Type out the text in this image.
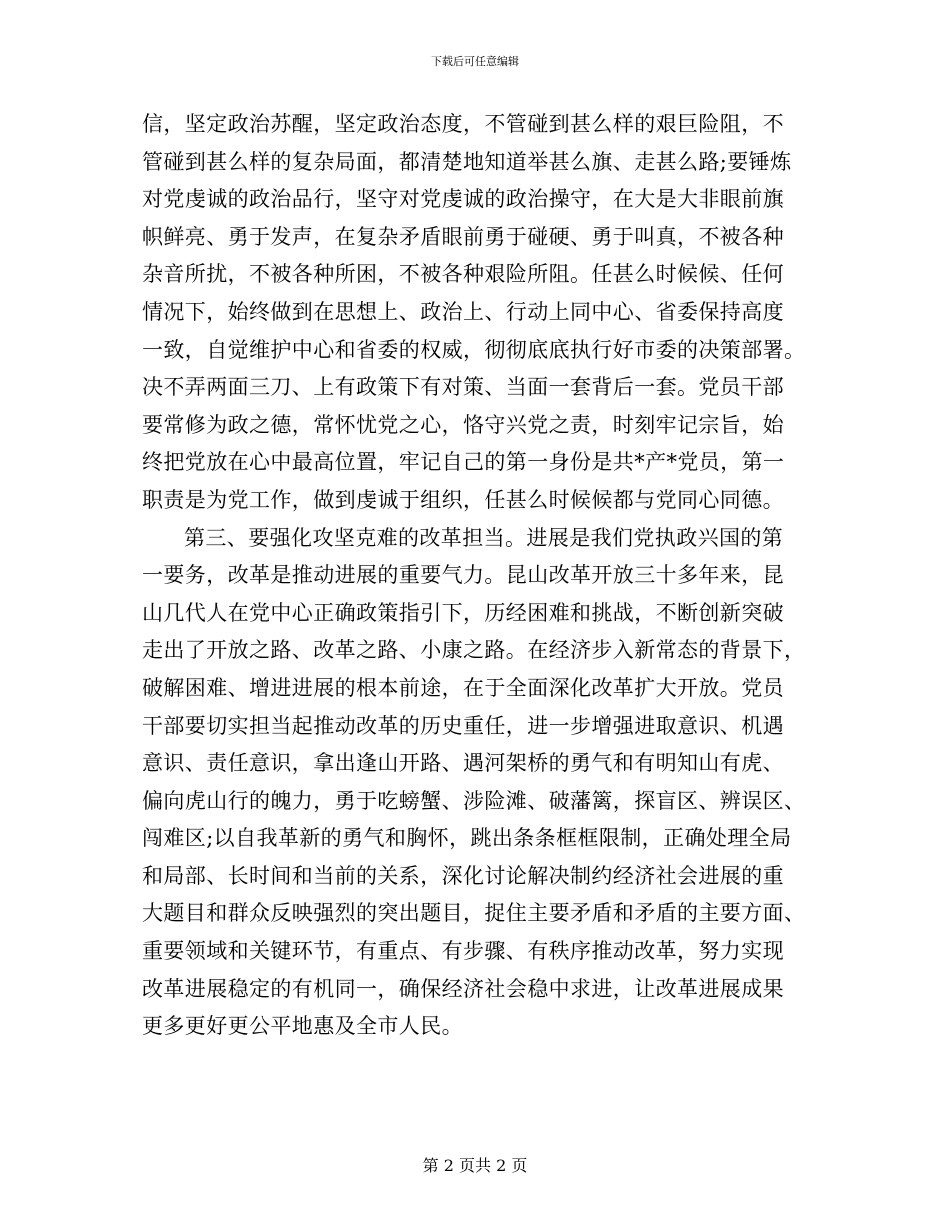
下载后可任意编辑
信，坚定政治苏醒，坚定政治态度，不管碰到甚么样的艰巨险阻，不
管碰到甚么样的复杂局面，都清楚地知道举甚么旗、走甚么路;要锤炼
对党虔诚的政治品行，坚守对党虔诚的政治操守，在大是大非眼前旗
帜鲜亮、勇于发声，在复杂矛盾眼前勇于碰硬、勇于叫真，不被各种
杂音所扰，不被各种所困，不被各种艰险所阻。任甚么时候候、任何
情况下，始终做到在思想上、政治上、行动上同中心、省委保持高度
一致，自觉维护中心和省委的权威，彻彻底底执行好市委的决策部署。
决不弄两面三刀、上有政策下有对策、当面一套背后一套。党员干部
要常修为政之德，常怀忧党之心，恪守兴党之责，时刻牢记宗旨，始
终把党放在心中最高位置，牢记自己的第一身份是共*产*党员，第一
职责是为党工作，做到虔诚于组织，任甚么时候候都与党同心同德。
第三、要强化攻坚克难的改革担当。进展是我们党执政兴国的第
一要务，改革是推动进展的重要气力。昆山改革开放三十多年来，昆
山几代人在党中心正确政策指引下，历经困难和挑战，不断创新突破
走出了开放之路、改革之路、小康之路。在经济步入新常态的背景下，
破解困难、增进进展的根本前途，在于全面深化改革扩大开放。党员
干部要切实担当起推动改革的历史重任，进一步增强进取意识、机遇
意识、责任意识，拿出逢山开路、遇河架桥的勇气和有明知山有虎、
偏向虎山行的魄力，勇于吃螃蟹、涉险滩、破藩篱，探盲区、辨误区、
闯难区;以自我革新的勇气和胸怀，跳出条条框框限制，正确处理全局
和局部、长时间和当前的关系，深化讨论解决制约经济社会进展的重
大题目和群众反映强烈的突出题目，捉住主要矛盾和矛盾的主要方面、
重要领域和关键环节，有重点、有步骤、有秩序推动改革，努力实现
改革进展稳定的有机同一，确保经济社会稳中求进，让改革进展成果
更多更好更公平地惠及全市人民。
第 2 页共 2 页
